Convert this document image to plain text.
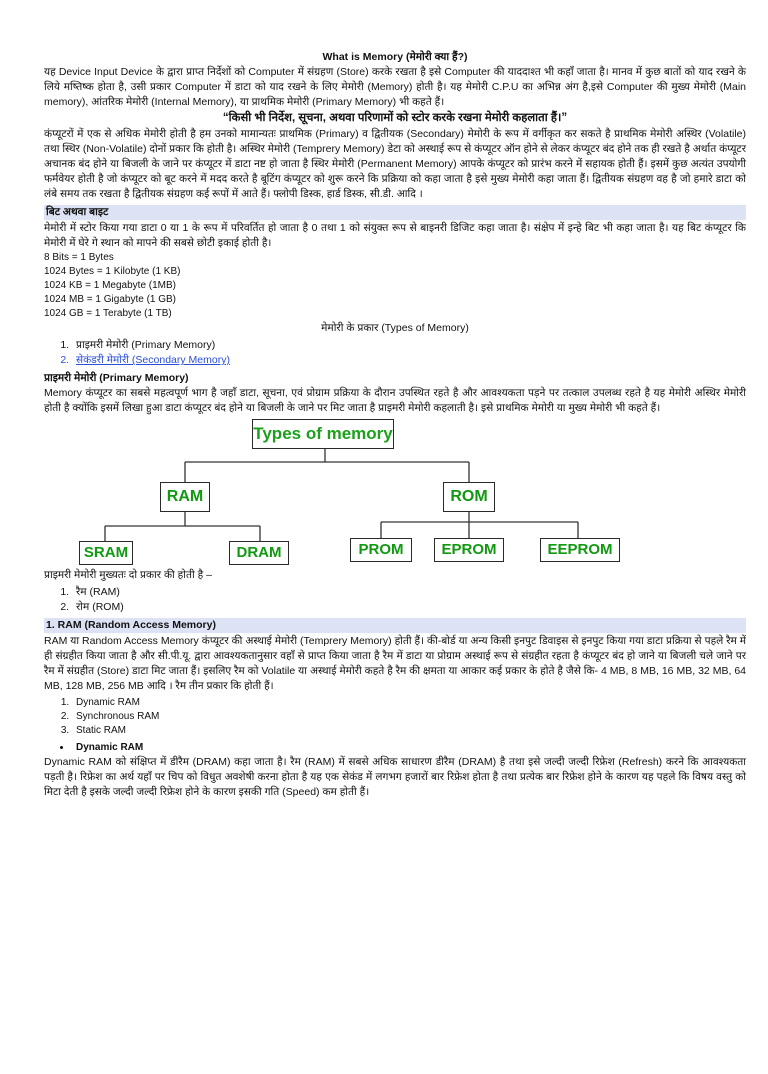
What is Memory (मेमोरी क्या हैं?)

यह Device Input Device के द्वारा प्राप्त निर्देशों को Computer में संग्रहण (Store) करके रखता है इसे Computer की याददाश्त भी कहाँ जाता है। मानव में कुछ बातों को याद रखने के लिये मष्तिष्क होता है, उसी प्रकार Computer में डाटा को याद रखने के लिए मेमोरी (Memory) होती है। यह मेमोरी C.P.U का अभिन्न अंग है,इसे Computer की मुख्य मेमोरी (Main memory), आंतरिक मेमोरी (Internal Memory), या प्राथमिक मेमोरी (Primary Memory) भी कहते हैं।

“किसी भी निर्देश, सूचना, अथवा परिणामों को स्टोर करके रखना मेमोरी कहलाता हैं।”

कंप्यूटरों में एक से अधिक मेमोरी होती है हम उनको मामान्यतः प्राथमिक (Primary) व द्वितीयक (Secondary) मेमोरी के रूप में वर्गीकृत कर सकते है प्राथमिक मेमोरी अस्थिर (Volatile) तथा स्थिर (Non-Volatile) दोनों प्रकार कि होती है। अस्थिर मेमोरी (Temprery Memory) डेटा को अस्थाई रूप से कंप्यूटर ऑन होने से लेकर कंप्यूटर बंद होने तक ही रखते है अर्थात कंप्यूटर अचानक बंद होने या बिजली के जाने पर कंप्यूटर में डाटा नष्ट हो जाता है स्थिर मेमोरी (Permanent Memory) आपके कंप्यूटर को प्रारंभ करने में सहायक होती हैं। इसमें कुछ अत्यंत उपयोगी फर्मवेयर होती है जो कंप्यूटर को बूट करने में मदद करते है बूटिंग कंप्यूटर को शुरू करने कि प्रक्रिया को कहा जाता है इसे मुख्य मेमोरी कहा जाता हैं। द्वितीयक संग्रहण वह है जो हमारे डाटा को लंबे समय तक रखता है द्वितीयक संग्रहण कई रूपों में आते हैं। फ्लोपी डिस्क, हार्ड डिस्क, सी.डी. आदि ।

बिट अथवा बाइट

मेमोरी में स्टोर किया गया डाटा 0 या 1 के रूप में परिवर्तित हो जाता है 0 तथा 1 को संयुक्त रूप से बाइनरी डिजिट कहा जाता है। संक्षेप में इन्हे बिट भी कहा जाता है। यह बिट कंप्यूटर कि मेमोरी में घेरे गे स्थान को मापने की सबसे छोटी इकाई होती है।

8 Bits = 1 Bytes
1024 Bytes = 1 Kilobyte (1 KB)
1024 KB = 1 Megabyte (1MB)
1024 MB = 1 Gigabyte (1 GB)
1024 GB = 1 Terabyte (1 TB)
मेमोरी के प्रकार (Types of Memory)
1. प्राइमरी मेमोरी (Primary Memory)
2. सेकंडरी मेमोरी (Secondary Memory)
प्राइमरी मेमोरी (Primary Memory)

Memory कंप्यूटर का सबसे महत्वपूर्ण भाग है जहाँ डाटा, सूचना, एवं प्रोग्राम प्रक्रिया के दौरान उपस्थित रहते है और आवश्यकता पड़ने पर तत्काल उपलब्ध रहते है यह मेमोरी अस्थिर मेमोरी होती है क्योंकि इसमें लिखा हुआ डाटा कंप्यूटर बंद होने या बिजली के जाने पर मिट जाता है प्राइमरी मेमोरी कहलाती है। इसे प्राथमिक मेमोरी या मुख्य मेमोरी भी कहते हैं।

Types of memory
RAM	ROM
SRAM	DRAM	PROM	EPROM	EEPROM
प्राइमरी मेमोरी मुख्यतः दो प्रकार की होती है –
1. रैम (RAM)
2. रोम (ROM)
1. RAM (Random Access Memory)

RAM या Random Access Memory कंप्यूटर की अस्थाई मेमोरी (Temprery Memory) होती हैं। की-बोर्ड या अन्य किसी इनपुट डिवाइस से इनपुट किया गया डाटा प्रक्रिया से पहले रैम में ही संग्रहीत किया जाता है और सी.पी.यू. द्वारा आवश्यकतानुसार वहाँ से प्राप्त किया जाता है रैम में डाटा या प्रोग्राम अस्थाई रूप से संग्रहीत रहता है कंप्यूटर बंद हो जाने या बिजली चले जाने पर रैम में संग्रहीत (Store) डाटा मिट जाता हैं। इसलिए रैम को Volatile या अस्थाई मेमोरी कहते है रैम की क्षमता या आकार कई प्रकार के होते है जैसे कि- 4 MB, 8 MB, 16 MB, 32 MB, 64 MB, 128 MB, 256 MB आदि । रैम तीन प्रकार कि होती हैं।

1. Dynamic RAM
2. Synchronous RAM
3. Static RAM
• Dynamic RAM

Dynamic RAM को संक्षिप्त में डीरैम (DRAM) कहा जाता है। रैम (RAM) में सबसे अधिक साधारण डीरैम (DRAM) है तथा इसे जल्दी जल्दी रिफ्रेश (Refresh) करने कि आवश्यकता पड़ती है। रिफ्रेश का अर्थ यहाँ पर चिप को विधुत अवशेषी करना होता है यह एक सेकंड में लगभग हजारों बार रिफ्रेश होता है तथा प्रत्येक बार रिफ्रेश होने के कारण यह पहले कि विषय वस्तु को मिटा देती है इसके जल्दी जल्दी रिफ्रेश होने के कारण इसकी गति (Speed) कम होती हैं।
